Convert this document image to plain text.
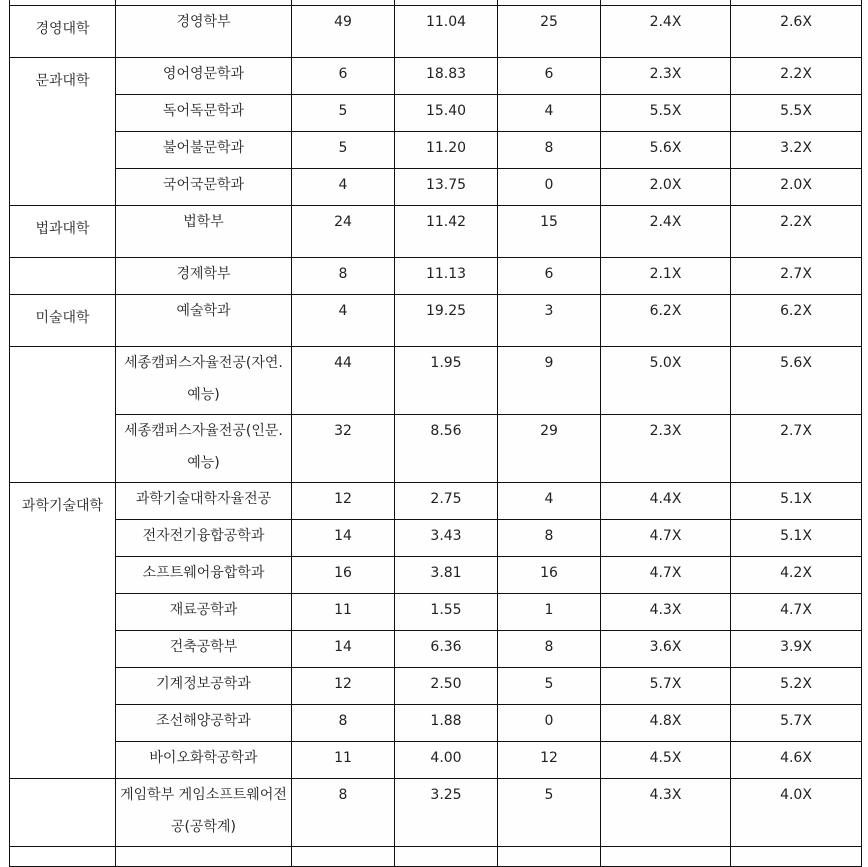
경영대학	경영학부	49	11.04	25	2.4X	2.6X
문과대학	영어영문학과	6	18.83	6	2.3X	2.2X
	독어독문학과	5	15.40	4	5.5X	5.5X
	불어불문학과	5	11.20	8	5.6X	3.2X
	국어국문학과	4	13.75	0	2.0X	2.0X
법과대학	법학부	24	11.42	15	2.4X	2.2X
	경제학부	8	11.13	6	2.1X	2.7X
미술대학	예술학과	4	19.25	3	6.2X	6.2X
	세종캠퍼스자율전공(자연.예능)	44	1.95	9	5.0X	5.6X
	세종캠퍼스자율전공(인문.예능)	32	8.56	29	2.3X	2.7X
과학기술대학	과학기술대학자율전공	12	2.75	4	4.4X	5.1X
	전자전기융합공학과	14	3.43	8	4.7X	5.1X
	소프트웨어융합학과	16	3.81	16	4.7X	4.2X
	재료공학과	11	1.55	1	4.3X	4.7X
	건축공학부	14	6.36	8	3.6X	3.9X
	기계정보공학과	12	2.50	5	5.7X	5.2X
	조선해양공학과	8	1.88	0	4.8X	5.7X
	바이오화학공학과	11	4.00	12	4.5X	4.6X
	게임학부 게임소프트웨어전공(공학계)	8	3.25	5	4.3X	4.0X
